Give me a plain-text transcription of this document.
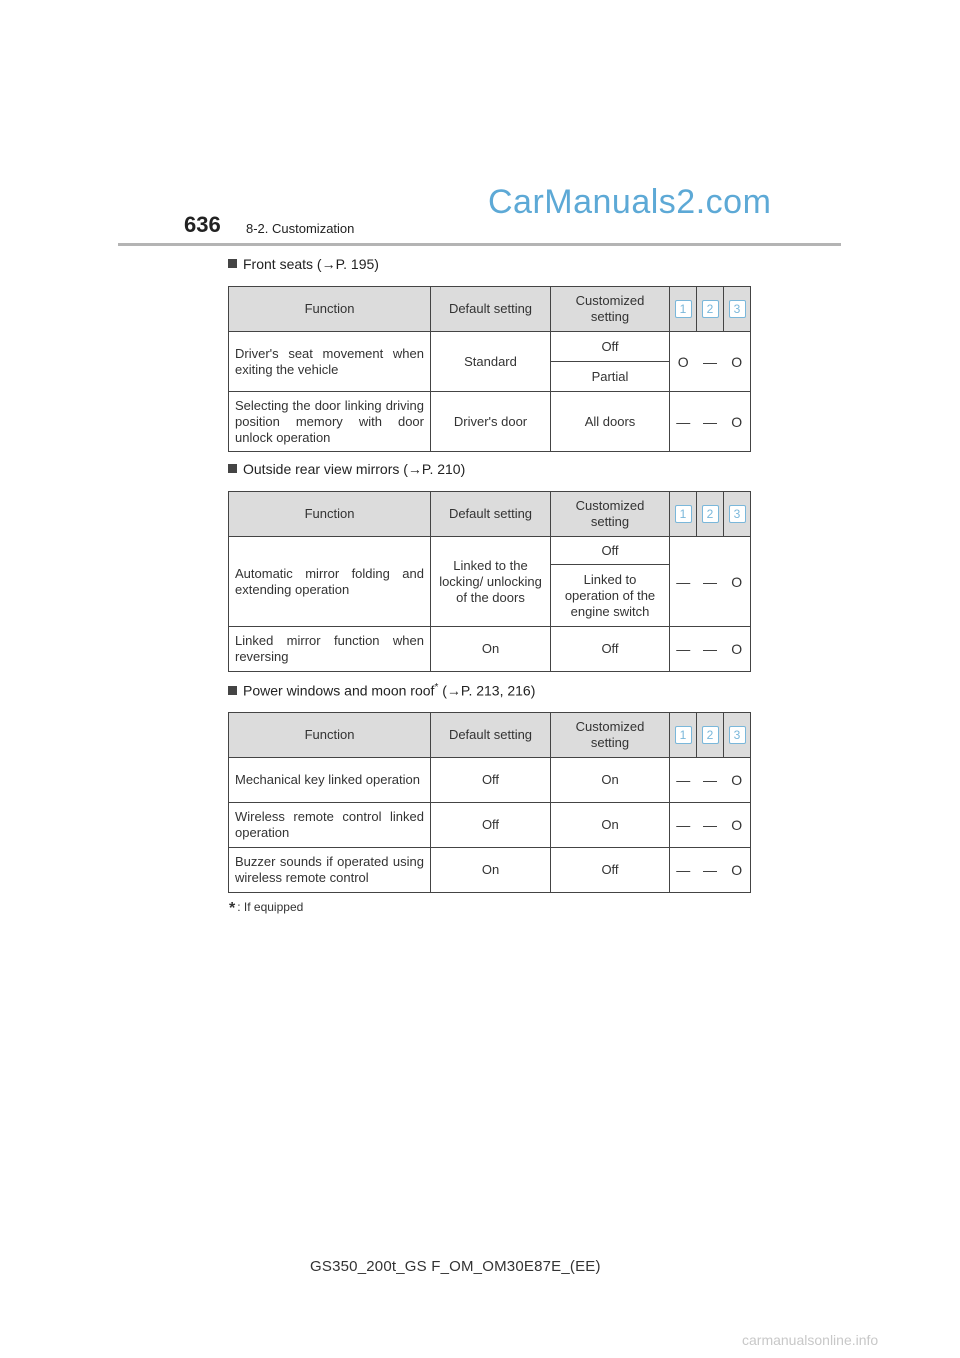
636 8-2. Customization
CarManuals2.com
Front seats (→P. 195)
Function	Default setting	Customized setting	1	2	3
Driver's seat movement when exiting the vehicle	Standard	Off	O	—	O
		Partial			
Selecting the door linking driving position memory with door unlock operation	Driver's door	All doors	—	—	O
Outside rear view mirrors (→P. 210)
Function	Default setting	Customized setting	1	2	3
Automatic mirror folding and extending operation	Linked to the locking/ unlocking of the doors	Off	—	—	O
		Linked to operation of the engine switch			
Linked mirror function when reversing	On	Off	—	—	O
Power windows and moon roof* (→P. 213, 216)
Function	Default setting	Customized setting	1	2	3
Mechanical key linked operation	Off	On	—	—	O
Wireless remote control linked operation	Off	On	—	—	O
Buzzer sounds if operated using wireless remote control	On	Off	—	—	O
* : If equipped
GS350_200t_GS F_OM_OM30E87E_(EE)
carmanualsonline.info
